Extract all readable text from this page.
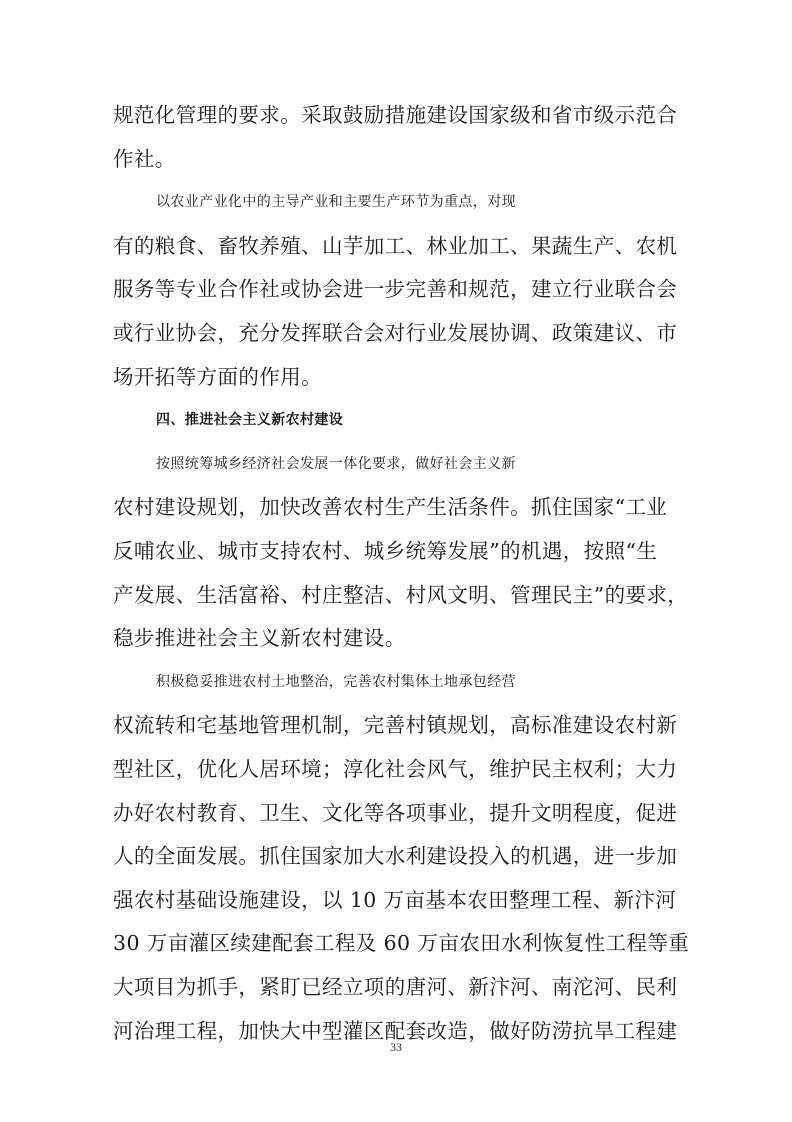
规范化管理的要求。采取鼓励措施建设国家级和省市级示范合
作社。
以农业产业化中的主导产业和主要生产环节为重点，对现
有的粮食、畜牧养殖、山芋加工、林业加工、果蔬生产、农机
服务等专业合作社或协会进一步完善和规范，建立行业联合会
或行业协会，充分发挥联合会对行业发展协调、政策建议、市
场开拓等方面的作用。
四、推进社会主义新农村建设
按照统筹城乡经济社会发展一体化要求，做好社会主义新
农村建设规划，加快改善农村生产生活条件。抓住国家“工业
反哺农业、城市支持农村、城乡统筹发展”的机遇，按照“生
产发展、生活富裕、村庄整洁、村风文明、管理民主”的要求，
稳步推进社会主义新农村建设。
积极稳妥推进农村土地整治，完善农村集体土地承包经营
权流转和宅基地管理机制，完善村镇规划，高标准建设农村新
型社区，优化人居环境；淳化社会风气，维护民主权利；大力
办好农村教育、卫生、文化等各项事业，提升文明程度，促进
人的全面发展。抓住国家加大水利建设投入的机遇，进一步加
强农村基础设施建设，以 10 万亩基本农田整理工程、新汴河
30 万亩灌区续建配套工程及 60 万亩农田水利恢复性工程等重
大项目为抓手，紧盯已经立项的唐河、新汴河、南沱河、民利
河治理工程，加快大中型灌区配套改造，做好防涝抗旱工程建
33
